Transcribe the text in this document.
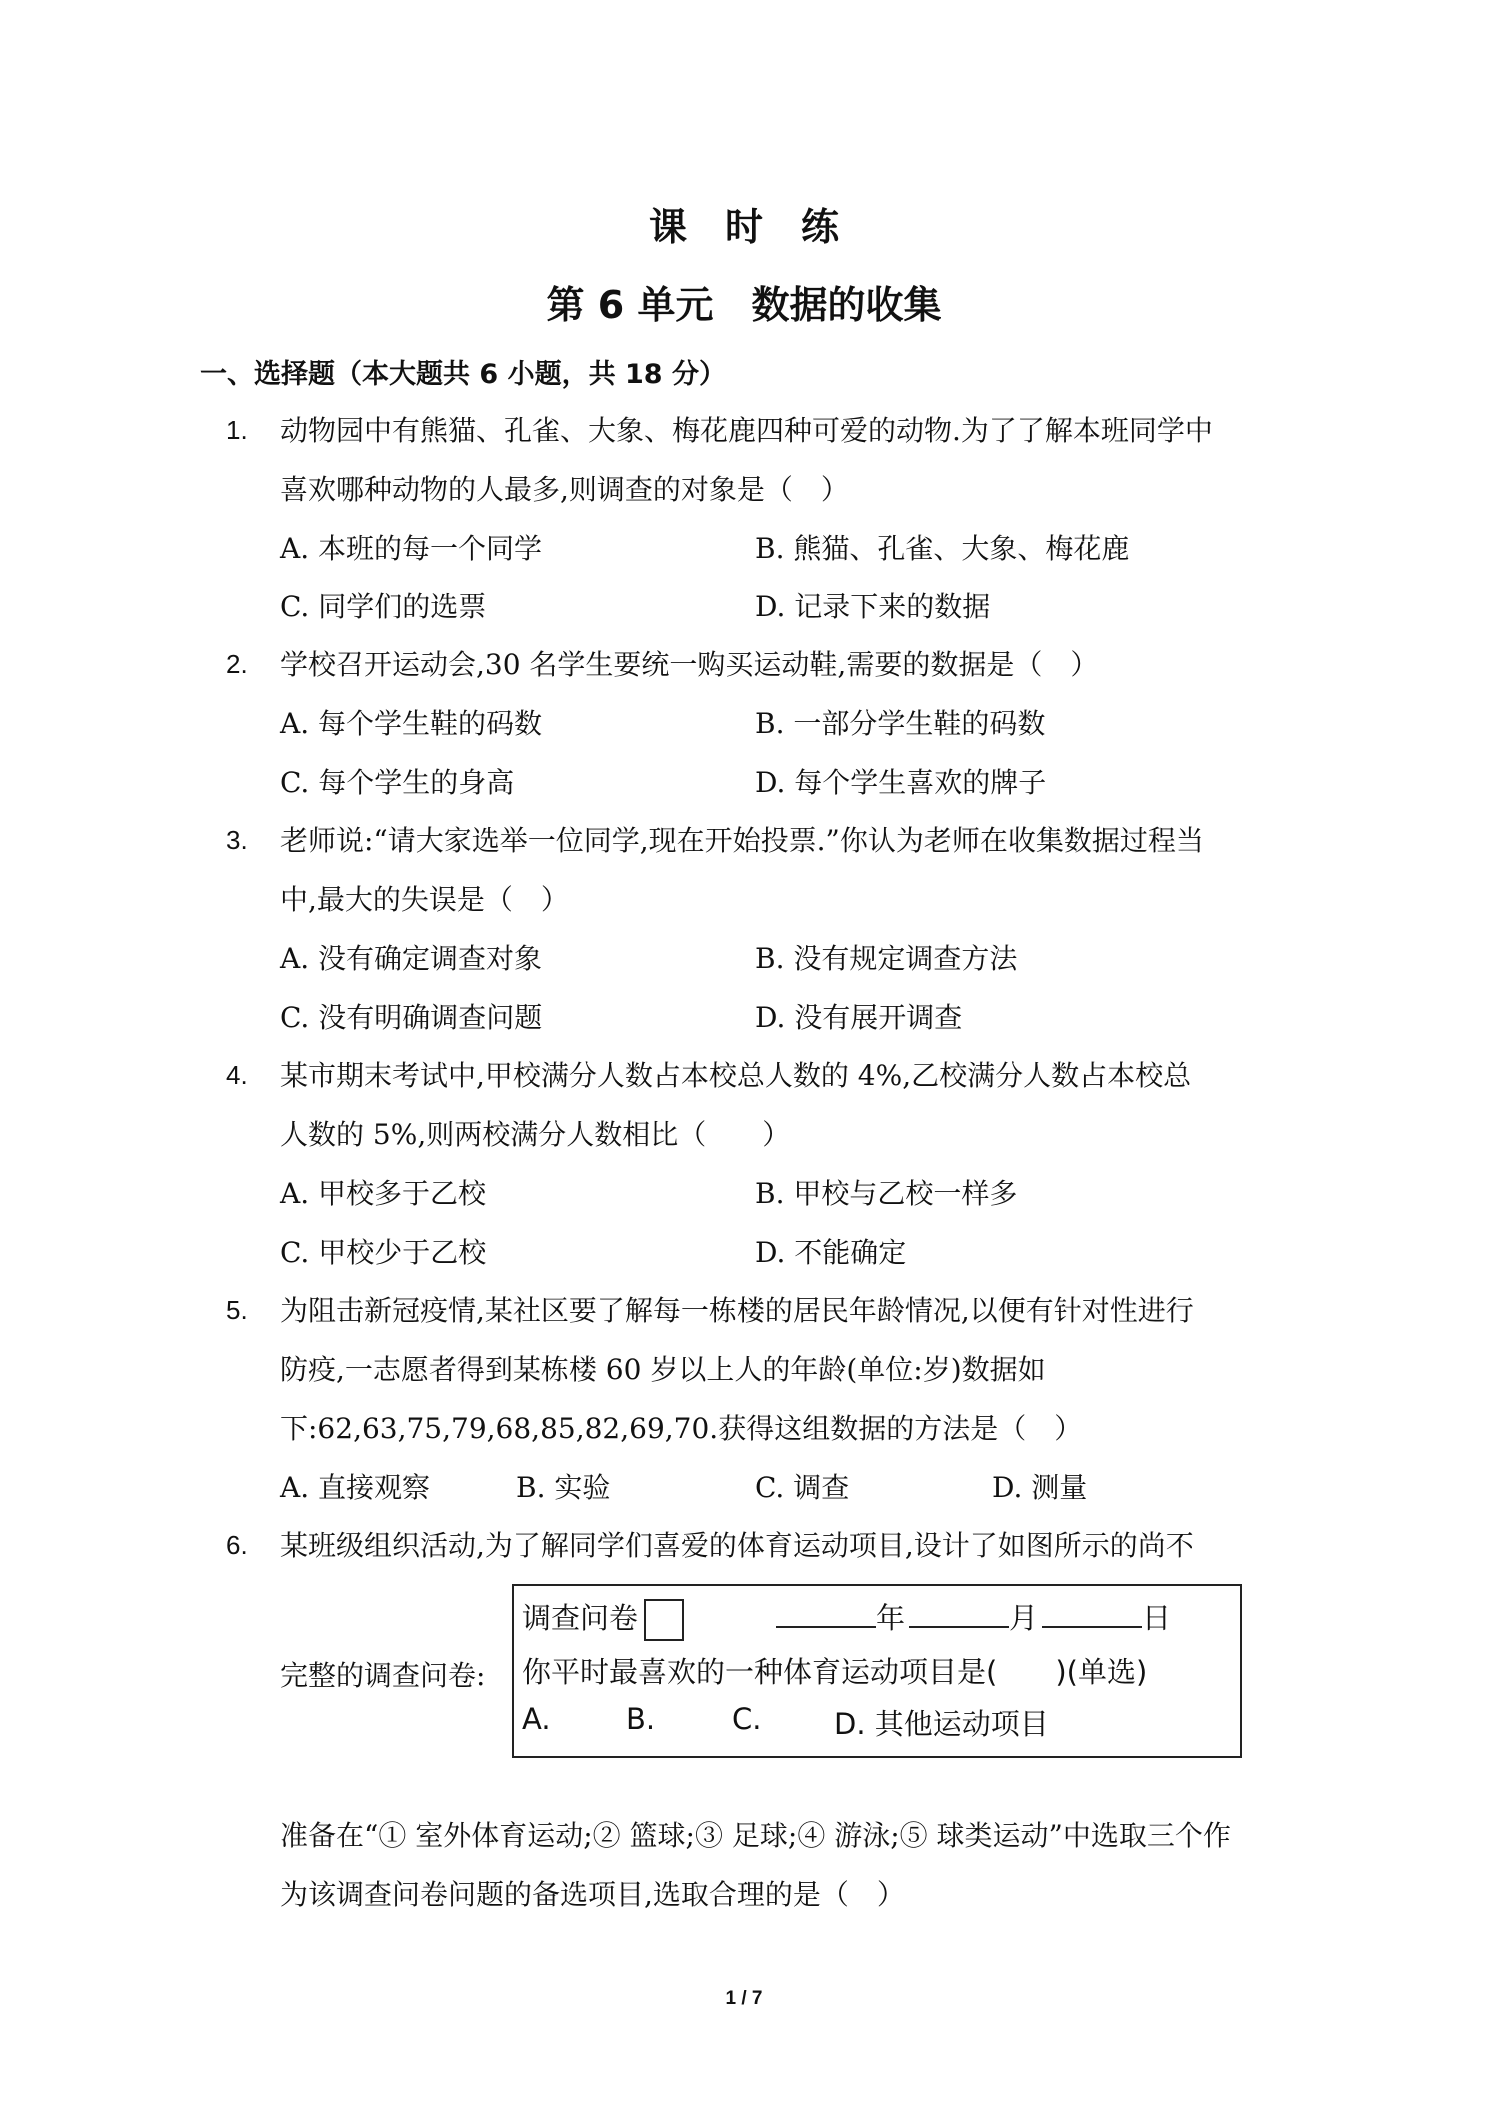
课　时　练
第 6 单元　数据的收集
一、选择题（本大题共 6 小题，共 18 分）
1. 动物园中有熊猫、孔雀、大象、梅花鹿四种可爱的动物.为了了解本班同学中
喜欢哪种动物的人最多,则调查的对象是（　）
A. 本班的每一个同学	B. 熊猫、孔雀、大象、梅花鹿
C. 同学们的选票	D. 记录下来的数据
2. 学校召开运动会,30 名学生要统一购买运动鞋,需要的数据是（　）
A. 每个学生鞋的码数	B. 一部分学生鞋的码数
C. 每个学生的身高	D. 每个学生喜欢的牌子
3. 老师说:“请大家选举一位同学,现在开始投票.”你认为老师在收集数据过程当
中,最大的失误是（　）
A. 没有确定调查对象	B. 没有规定调查方法
C. 没有明确调查问题	D. 没有展开调查
4. 某市期末考试中,甲校满分人数占本校总人数的 4%,乙校满分人数占本校总
人数的 5%,则两校满分人数相比（　　）
A. 甲校多于乙校	B. 甲校与乙校一样多
C. 甲校少于乙校	D. 不能确定
5. 为阻击新冠疫情,某社区要了解每一栋楼的居民年龄情况,以便有针对性进行
防疫,一志愿者得到某栋楼 60 岁以上人的年龄(单位:岁)数据如
下:62,63,75,79,68,85,82,69,70.获得这组数据的方法是（　）
A. 直接观察	B. 实验	C. 调查	D. 测量
6. 某班级组织活动,为了解同学们喜爱的体育运动项目,设计了如图所示的尚不
完整的调查问卷:
调查问卷	年	月	日
你平时最喜欢的一种体育运动项目是(　　)(单选)
A.	B.	C.	D. 其他运动项目
准备在“① 室外体育运动;② 篮球;③ 足球;④ 游泳;⑤ 球类运动”中选取三个作
为该调查问卷问题的备选项目,选取合理的是（　）
1 / 7
